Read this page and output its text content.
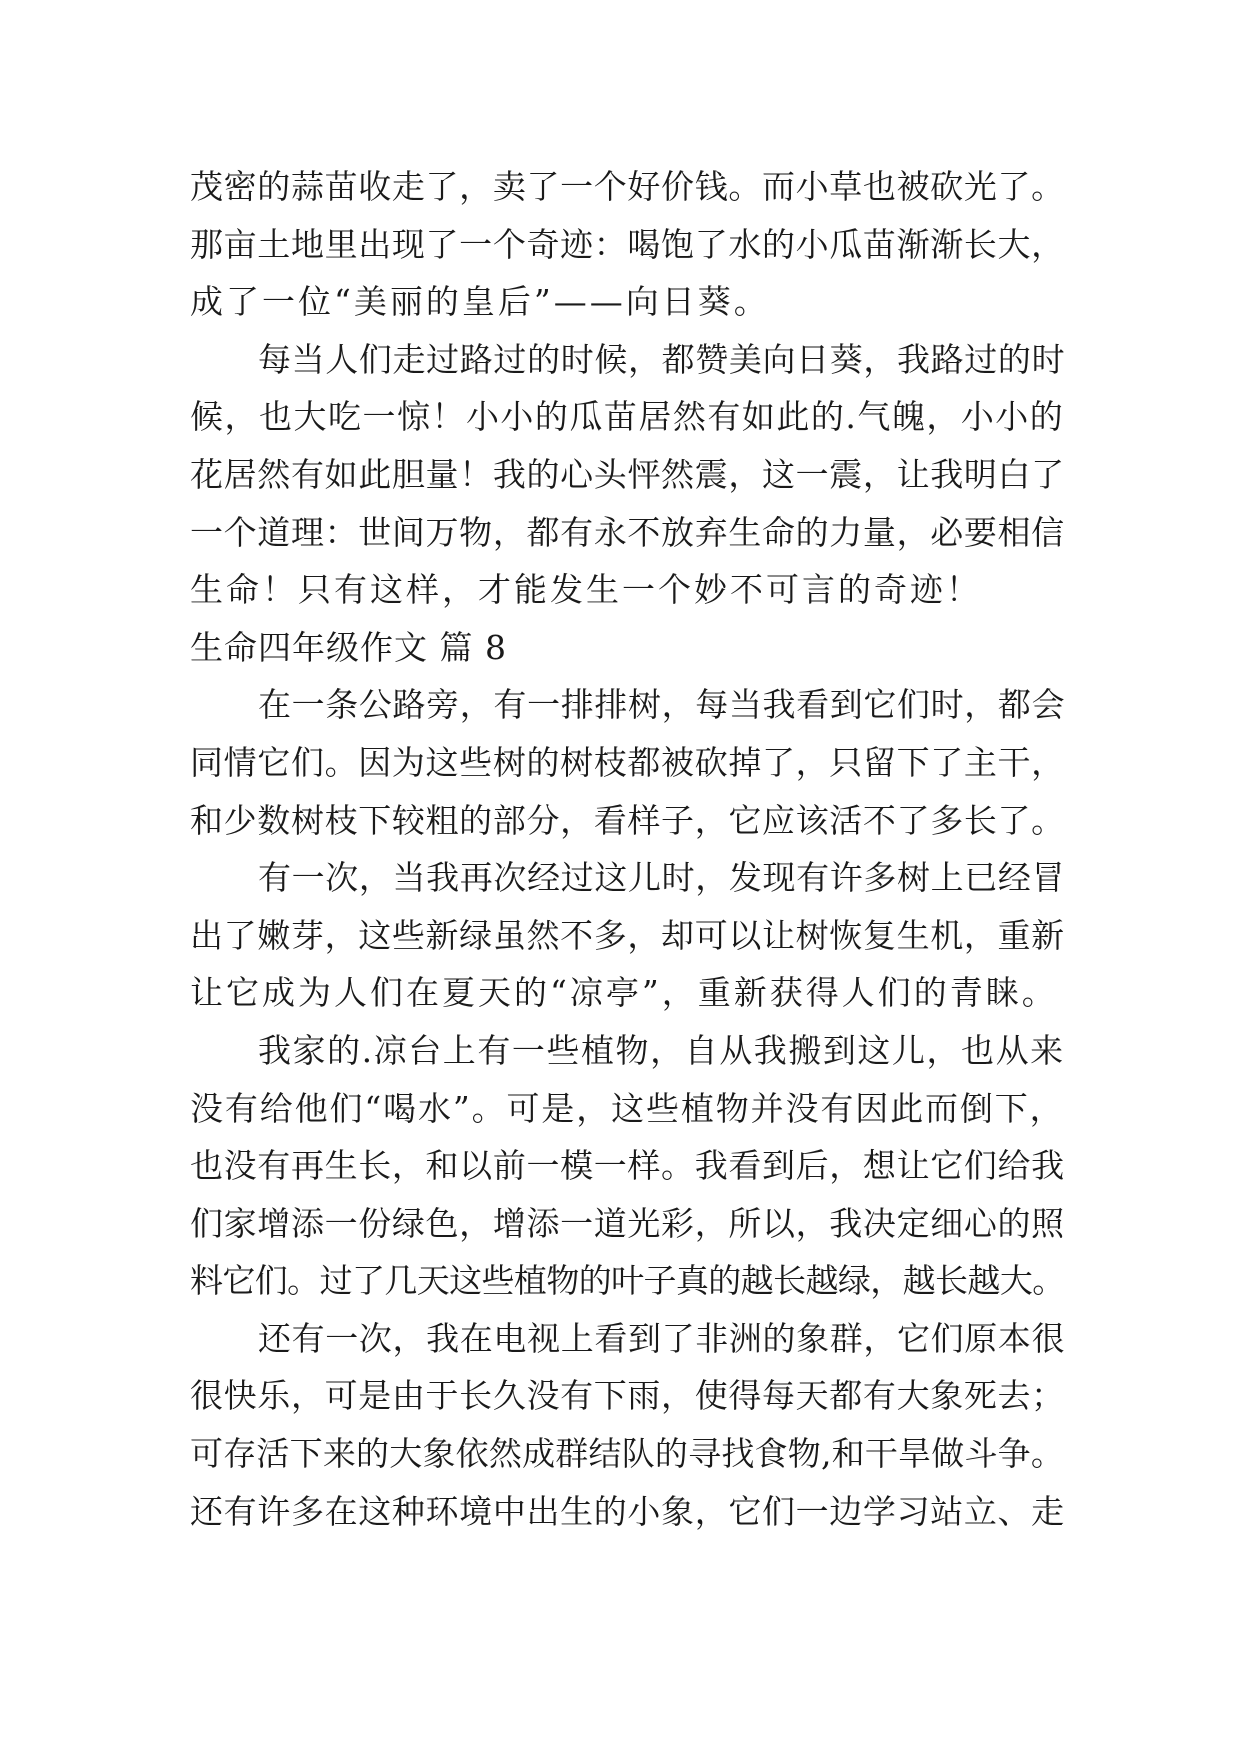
茂密的蒜苗收走了，卖了一个好价钱。而小草也被砍光了。
那亩土地里出现了一个奇迹：喝饱了水的小瓜苗渐渐长大，
成了一位“美丽的皇后”——向日葵。
每当人们走过路过的时候，都赞美向日葵，我路过的时
候，也大吃一惊！小小的瓜苗居然有如此的.气魄，小小的
花居然有如此胆量！我的心头怦然震，这一震，让我明白了
一个道理：世间万物，都有永不放弃生命的力量，必要相信
生命！只有这样，才能发生一个妙不可言的奇迹！
生命四年级作文 篇 8
在一条公路旁，有一排排树，每当我看到它们时，都会
同情它们。因为这些树的树枝都被砍掉了，只留下了主干，
和少数树枝下较粗的部分，看样子，它应该活不了多长了。
有一次，当我再次经过这儿时，发现有许多树上已经冒
出了嫩芽，这些新绿虽然不多，却可以让树恢复生机，重新
让它成为人们在夏天的“凉亭”，重新获得人们的青睐。
我家的.凉台上有一些植物，自从我搬到这儿，也从来
没有给他们“喝水”。可是，这些植物并没有因此而倒下，
也没有再生长，和以前一模一样。我看到后，想让它们给我
们家增添一份绿色，增添一道光彩，所以，我决定细心的照
料它们。过了几天这些植物的叶子真的越长越绿，越长越大。
还有一次，我在电视上看到了非洲的象群，它们原本很
很快乐，可是由于长久没有下雨，使得每天都有大象死去；
可存活下来的大象依然成群结队的寻找食物,和干旱做斗争。
还有许多在这种环境中出生的小象，它们一边学习站立、走
